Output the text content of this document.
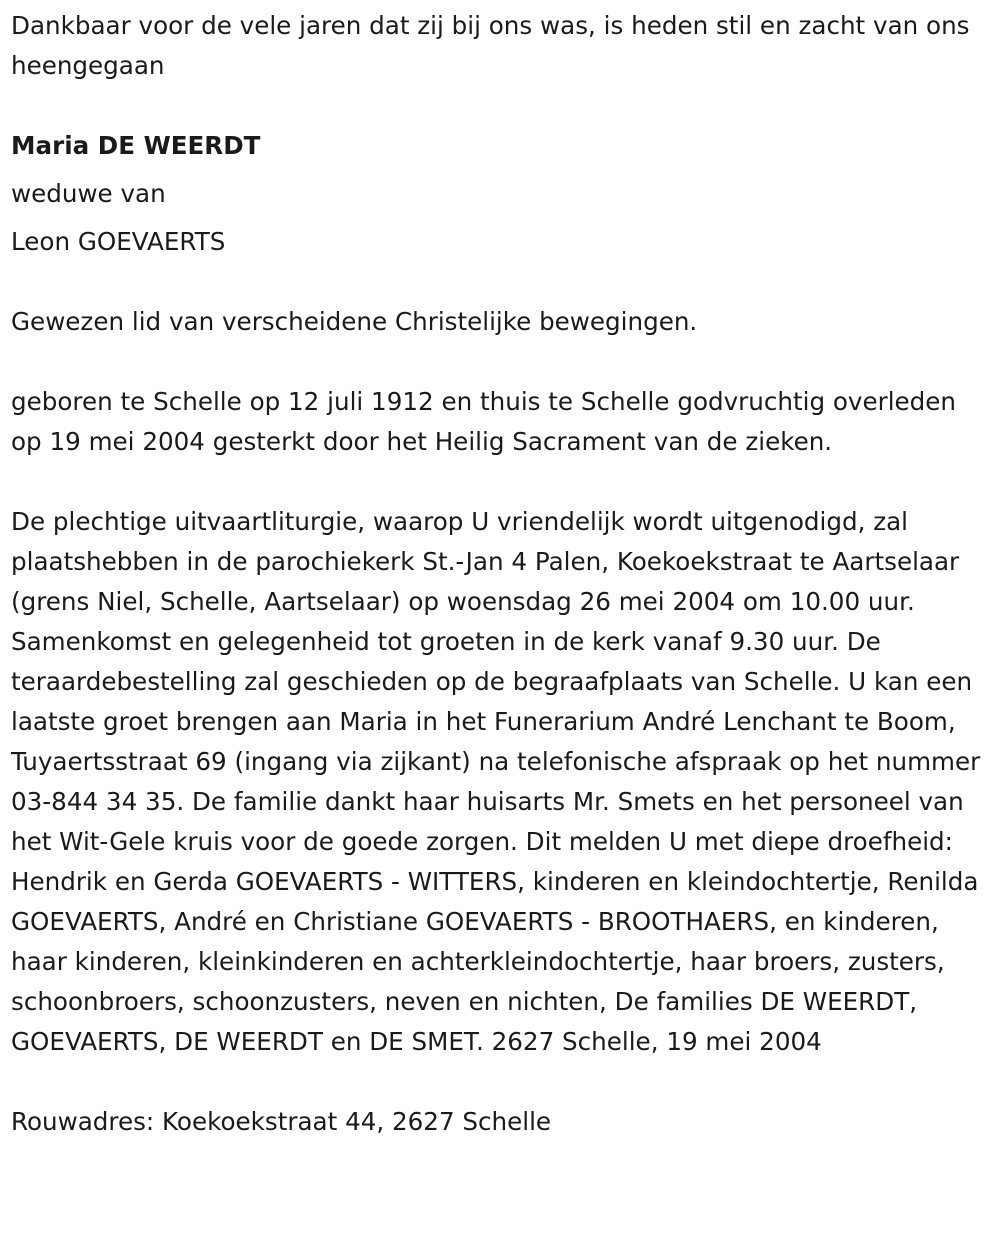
Dankbaar voor de vele jaren dat zij bij ons was, is heden stil en zacht van ons heengegaan

Maria DE WEERDT

weduwe van

Leon GOEVAERTS

Gewezen lid van verscheidene Christelijke bewegingen.

geboren te Schelle op 12 juli 1912 en thuis te Schelle godvruchtig overleden op 19 mei 2004 gesterkt door het Heilig Sacrament van de zieken.

De plechtige uitvaartliturgie, waarop U vriendelijk wordt uitgenodigd, zal plaatshebben in de parochiekerk St.-Jan 4 Palen, Koekoekstraat te Aartselaar (grens Niel, Schelle, Aartselaar) op woensdag 26 mei 2004 om 10.00 uur. Samenkomst en gelegenheid tot groeten in de kerk vanaf 9.30 uur. De teraardebestelling zal geschieden op de begraafplaats van Schelle. U kan een laatste groet brengen aan Maria in het Funerarium André Lenchant te Boom, Tuyaertsstraat 69 (ingang via zijkant) na telefonische afspraak op het nummer 03-844 34 35. De familie dankt haar huisarts Mr. Smets en het personeel van het Wit-Gele kruis voor de goede zorgen. Dit melden U met diepe droefheid: Hendrik en Gerda GOEVAERTS - WITTERS, kinderen en kleindochtertje, Renilda GOEVAERTS, André en Christiane GOEVAERTS - BROOTHAERS, en kinderen, haar kinderen, kleinkinderen en achterkleindochtertje, haar broers, zusters, schoonbroers, schoonzusters, neven en nichten, De families DE WEERDT, GOEVAERTS, DE WEERDT en DE SMET. 2627 Schelle, 19 mei 2004

Rouwadres: Koekoekstraat 44, 2627 Schelle
